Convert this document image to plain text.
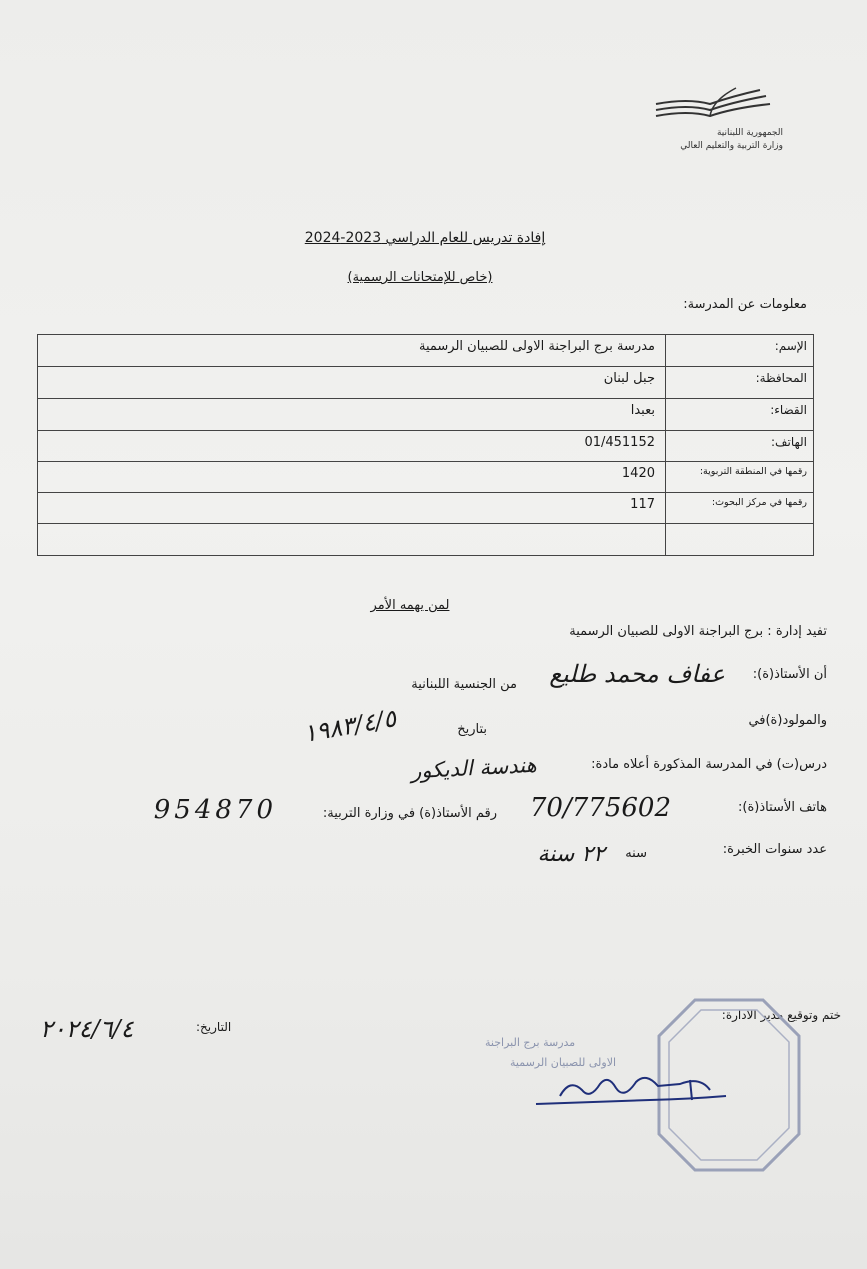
الجمهورية اللبنانية
وزارة التربية والتعليم العالي
إفادة تدريس للعام الدراسي 2023-2024
(خاص للإمتحانات الرسمية)
معلومات عن المدرسة:
الإسم:
مدرسة برج البراجنة الاولى للصبيان الرسمية
المحافظة:
جبل لبنان
القضاء:
بعبدا
الهاتف:
01/451152
رقمها في المنطقة التربوية:
1420
رقمها في مركز البحوث:
117
لمن يهمه الأمر
تفيد إدارة : برج البراجنة الاولى للصبيان الرسمية
أن الأستاذ(ة):
عفاف محمد طليع
من الجنسية اللبنانية
والمولود(ة)في
بتاريخ
١٩٨٣/٤/٥
درس(ت) في المدرسة المذكورة أعلاه مادة:
هندسة الديكور
هاتف الأستاذ(ة):
70/775602
رقم الأستاذ(ة) في وزارة التربية:
954870
عدد سنوات الخبرة:
سنه
٢٢ سنة
ختم وتوقيع مدير الادارة:
التاريخ:
٢٠٢٤/٦/٤	مدرسة برج البراجنة
الاولى للصبيان الرسمية
